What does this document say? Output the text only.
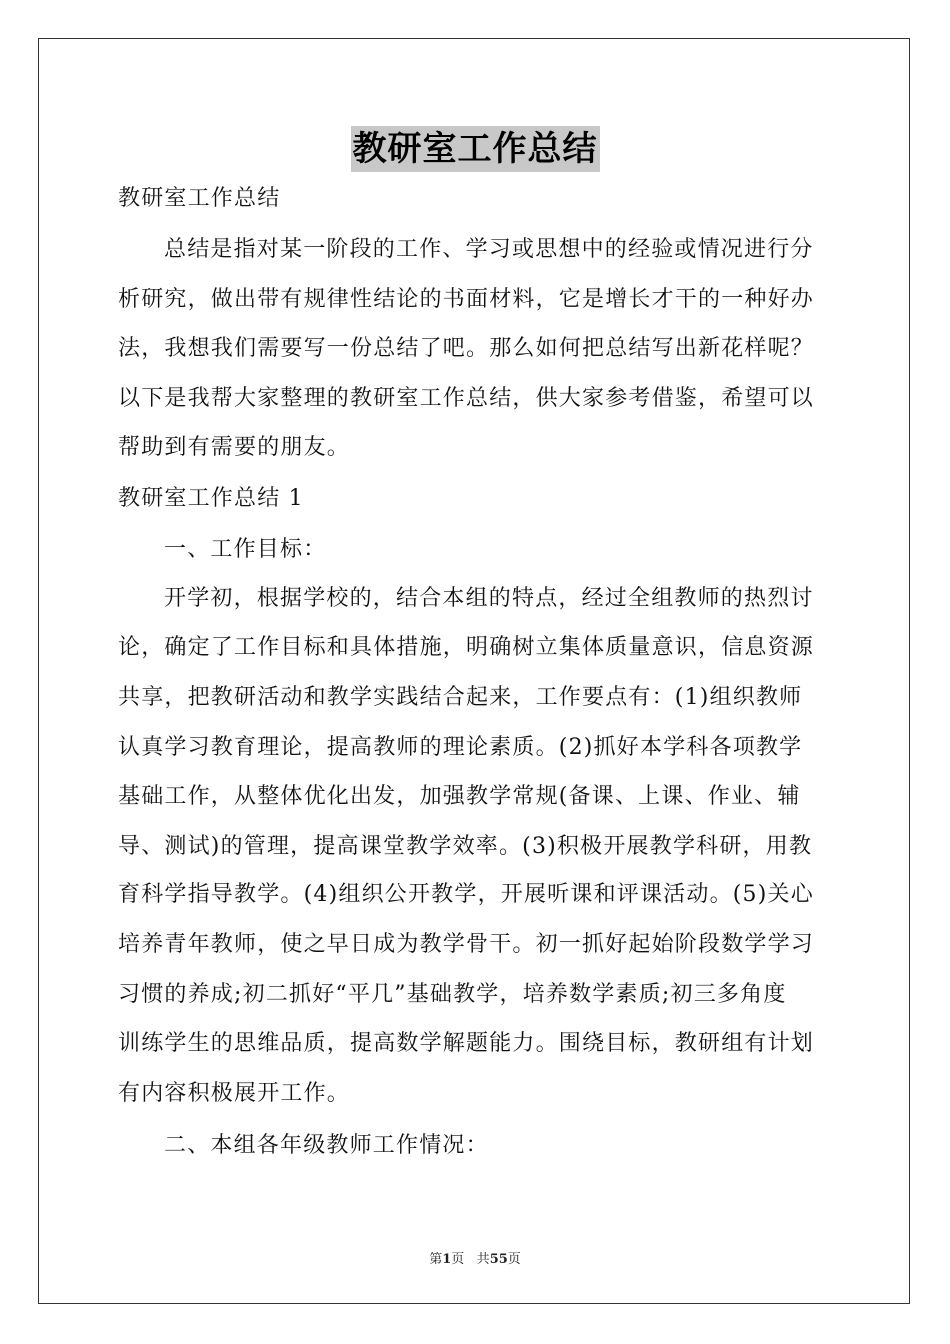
教研室工作总结
教研室工作总结
总结是指对某一阶段的工作、学习或思想中的经验或情况进行分
析研究，做出带有规律性结论的书面材料，它是增长才干的一种好办
法，我想我们需要写一份总结了吧。那么如何把总结写出新花样呢？
以下是我帮大家整理的教研室工作总结，供大家参考借鉴，希望可以
帮助到有需要的朋友。
教研室工作总结 1
一、工作目标：
开学初，根据学校的，结合本组的特点，经过全组教师的热烈讨
论，确定了工作目标和具体措施，明确树立集体质量意识，信息资源
共享，把教研活动和教学实践结合起来，工作要点有：(1)组织教师
认真学习教育理论，提高教师的理论素质。(2)抓好本学科各项教学
基础工作，从整体优化出发，加强教学常规(备课、上课、作业、辅
导、测试)的管理，提高课堂教学效率。(3)积极开展教学科研，用教
育科学指导教学。(4)组织公开教学，开展听课和评课活动。(5)关心
培养青年教师，使之早日成为教学骨干。初一抓好起始阶段数学学习
习惯的养成;初二抓好“平几”基础教学，培养数学素质;初三多角度
训练学生的思维品质，提高数学解题能力。围绕目标，教研组有计划
有内容积极展开工作。
二、本组各年级教师工作情况：
第1页 共55页
